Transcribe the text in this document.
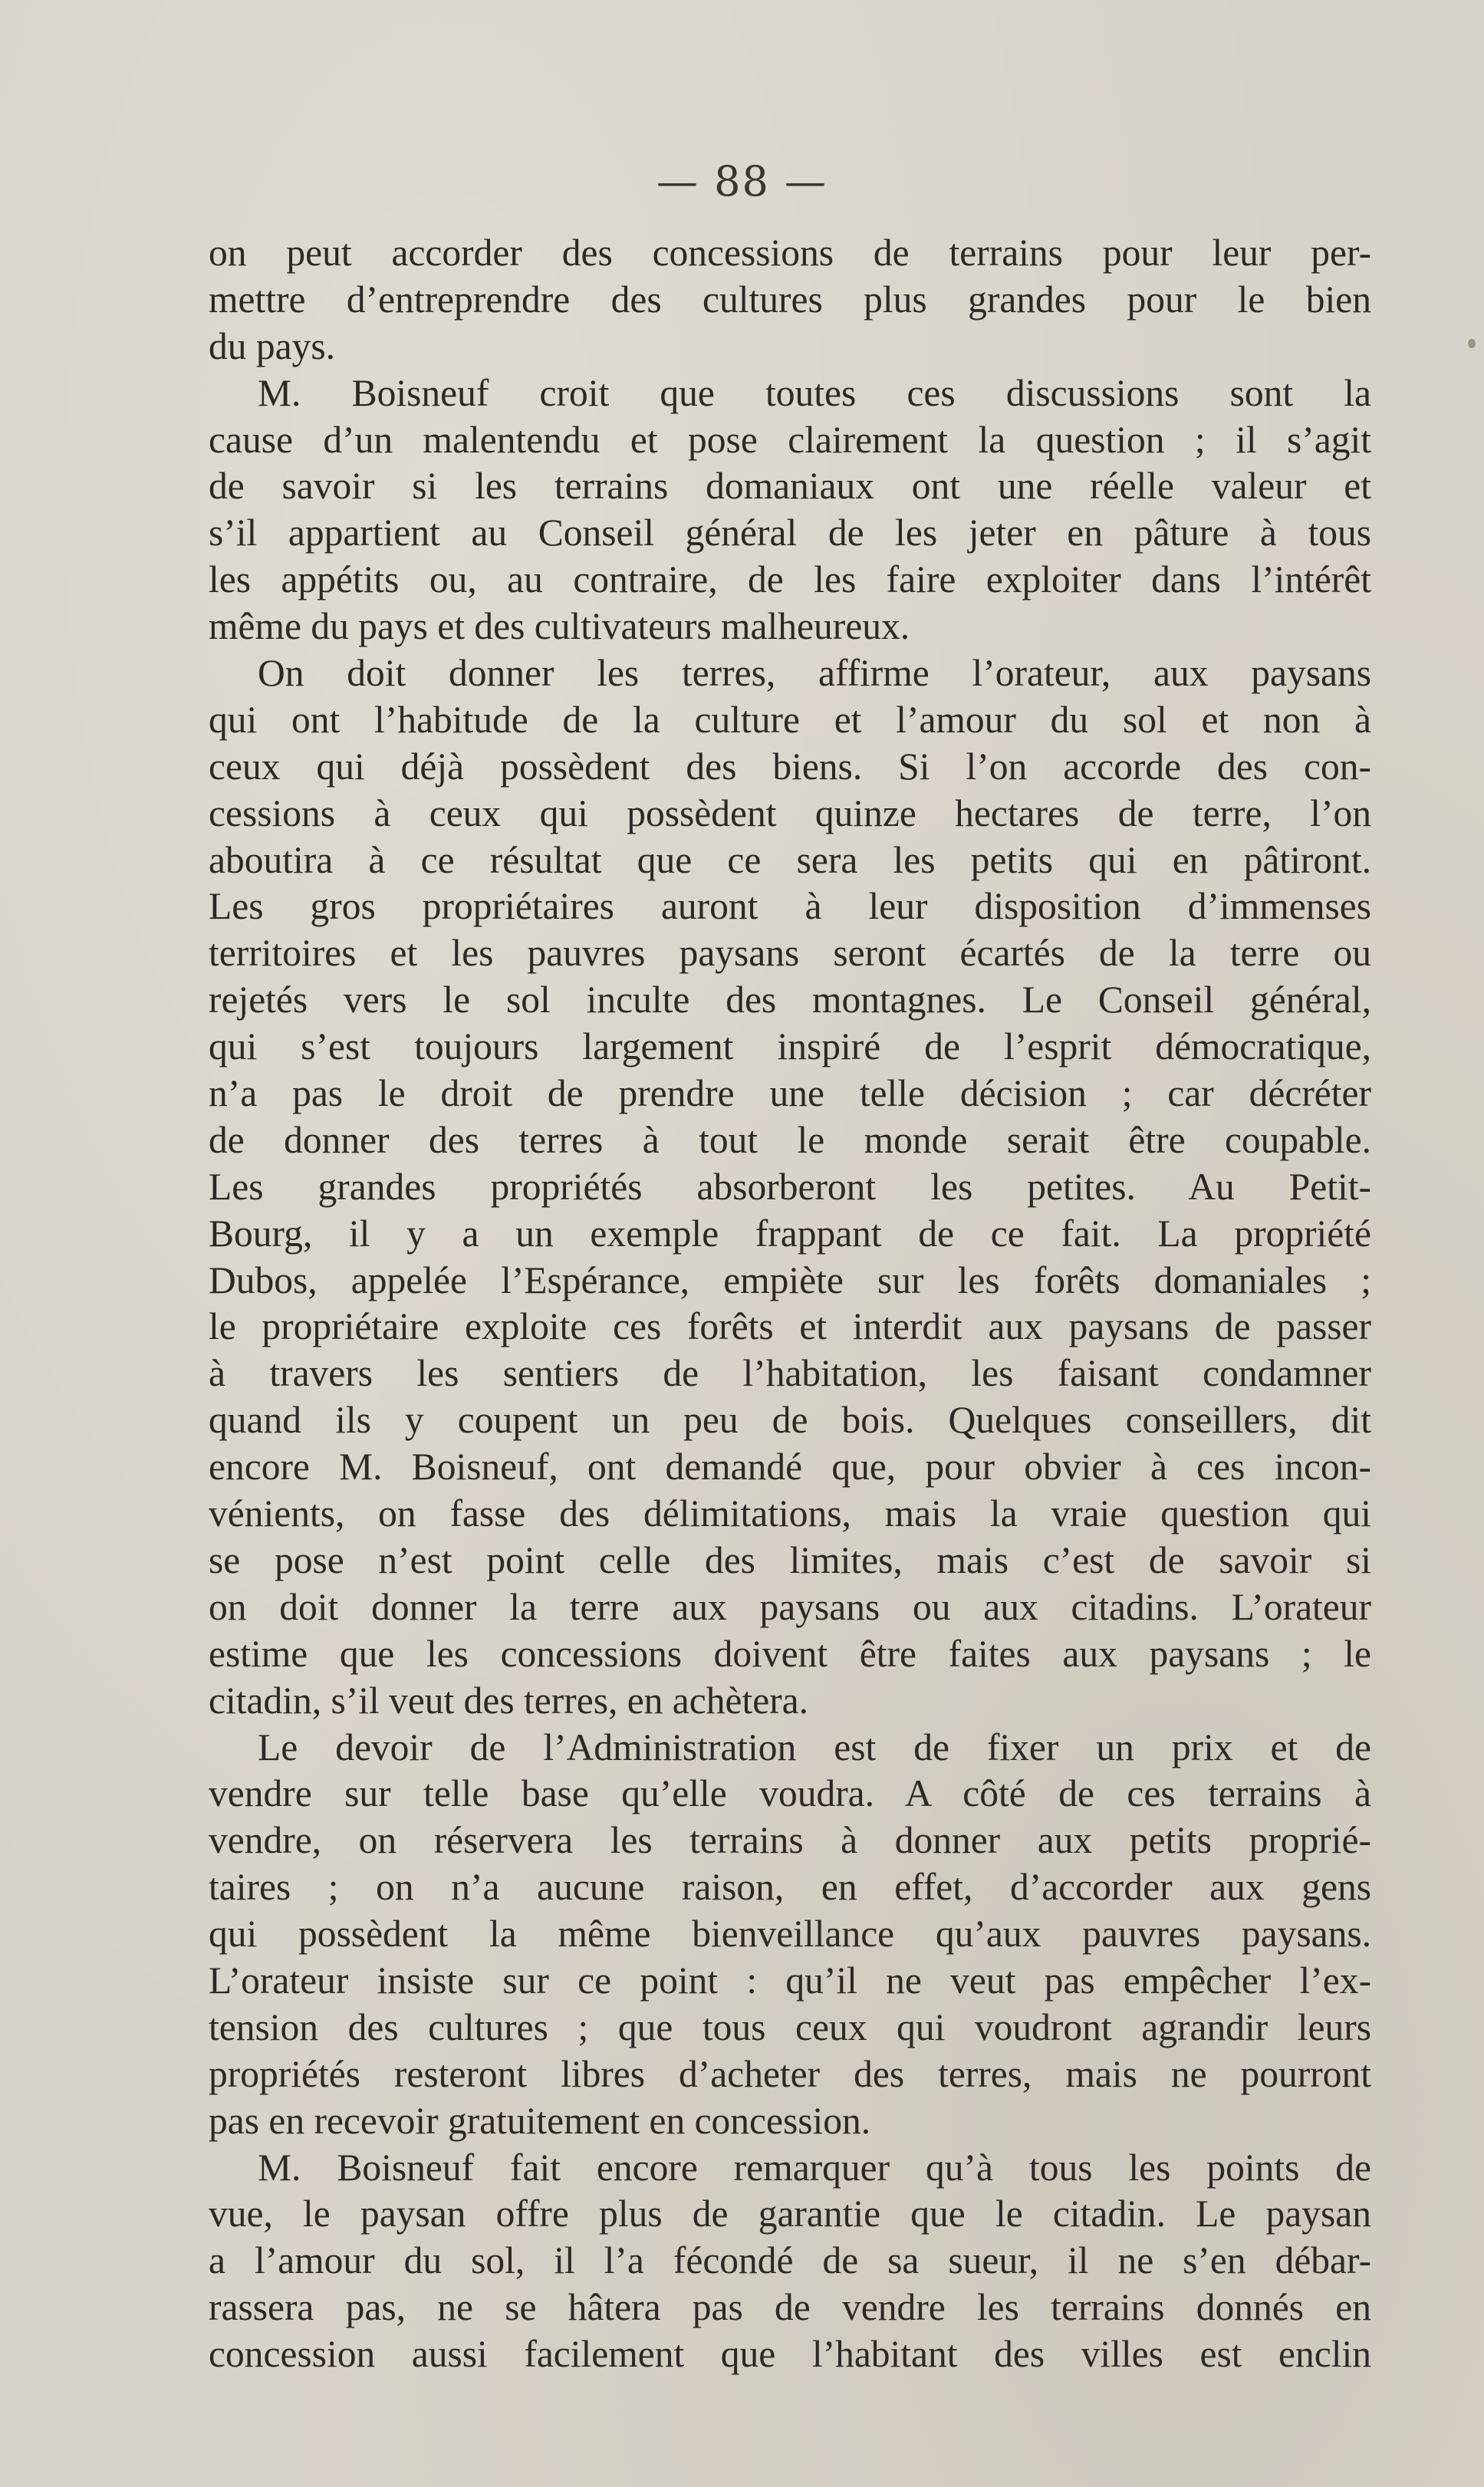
— 88 —
on peut accorder des concessions de terrains pour leur per-
mettre d’entreprendre des cultures plus grandes pour le bien
du pays.
M. Boisneuf croit que toutes ces discussions sont la
cause d’un malentendu et pose clairement la question ; il s’agit
de savoir si les terrains domaniaux ont une réelle valeur et
s’il appartient au Conseil général de les jeter en pâture à tous
les appétits ou, au contraire, de les faire exploiter dans l’intérêt
même du pays et des cultivateurs malheureux.
On doit donner les terres, affirme l’orateur, aux paysans
qui ont l’habitude de la culture et l’amour du sol et non à
ceux qui déjà possèdent des biens. Si l’on accorde des con-
cessions à ceux qui possèdent quinze hectares de terre, l’on
aboutira à ce résultat que ce sera les petits qui en pâtiront.
Les gros propriétaires auront à leur disposition d’immenses
territoires et les pauvres paysans seront écartés de la terre ou
rejetés vers le sol inculte des montagnes. Le Conseil général,
qui s’est toujours largement inspiré de l’esprit démocratique,
n’a pas le droit de prendre une telle décision ; car décréter
de donner des terres à tout le monde serait être coupable.
Les grandes propriétés absorberont les petites. Au Petit-
Bourg, il y a un exemple frappant de ce fait. La propriété
Dubos, appelée l’Espérance, empiète sur les forêts domaniales ;
le propriétaire exploite ces forêts et interdit aux paysans de passer
à travers les sentiers de l’habitation, les faisant condamner
quand ils y coupent un peu de bois. Quelques conseillers, dit
encore M. Boisneuf, ont demandé que, pour obvier à ces incon-
vénients, on fasse des délimitations, mais la vraie question qui
se pose n’est point celle des limites, mais c’est de savoir si
on doit donner la terre aux paysans ou aux citadins. L’orateur
estime que les concessions doivent être faites aux paysans ; le
citadin, s’il veut des terres, en achètera.
Le devoir de l’Administration est de fixer un prix et de
vendre sur telle base qu’elle voudra. A côté de ces terrains à
vendre, on réservera les terrains à donner aux petits proprié-
taires ; on n’a aucune raison, en effet, d’accorder aux gens
qui possèdent la même bienveillance qu’aux pauvres paysans.
L’orateur insiste sur ce point : qu’il ne veut pas empêcher l’ex-
tension des cultures ; que tous ceux qui voudront agrandir leurs
propriétés resteront libres d’acheter des terres, mais ne pourront
pas en recevoir gratuitement en concession.
M. Boisneuf fait encore remarquer qu’à tous les points de
vue, le paysan offre plus de garantie que le citadin. Le paysan
a l’amour du sol, il l’a fécondé de sa sueur, il ne s’en débar-
rassera pas, ne se hâtera pas de vendre les terrains donnés en
concession aussi facilement que l’habitant des villes est enclin
